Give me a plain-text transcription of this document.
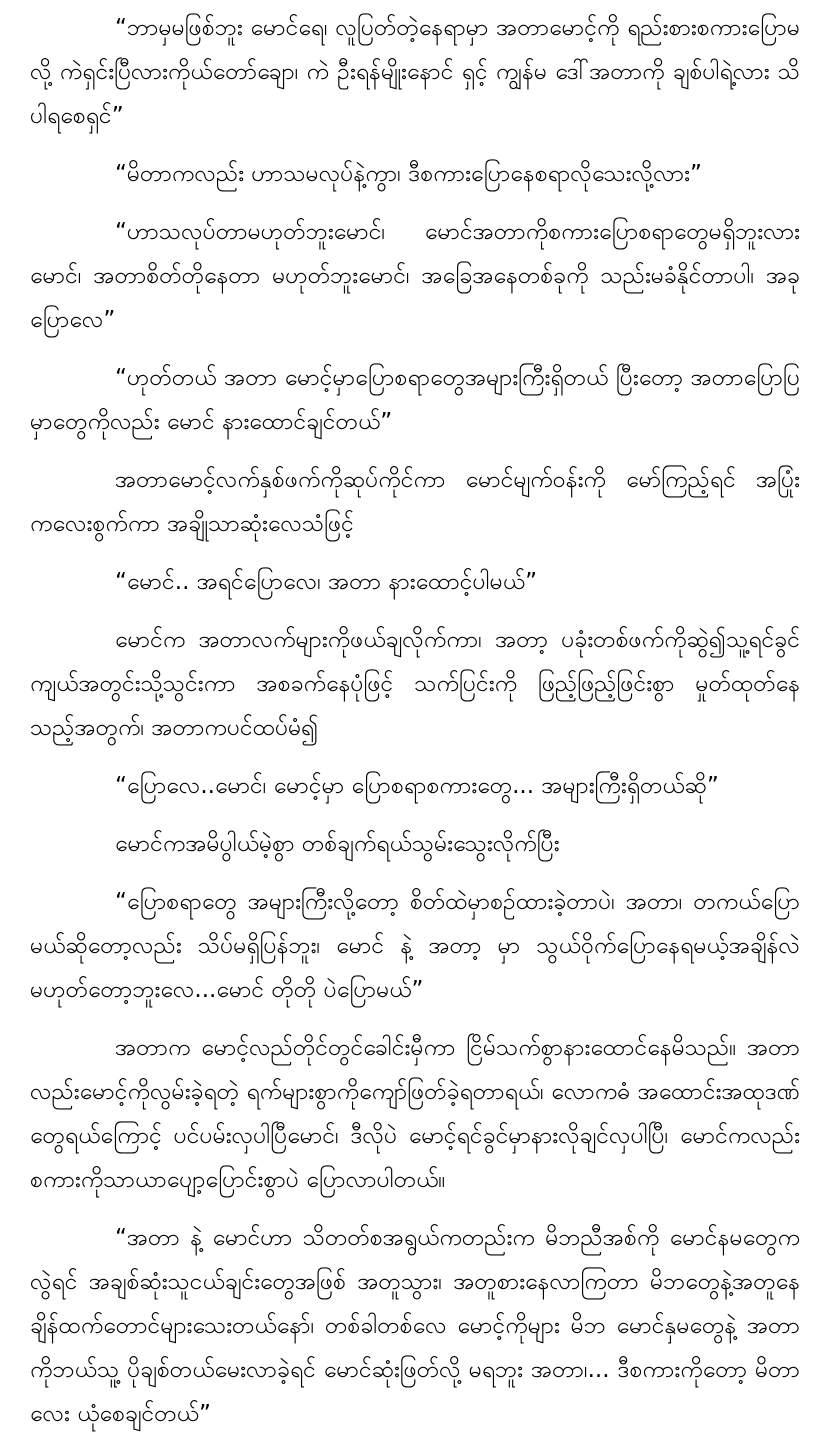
“ဘာမှမဖြစ်ဘူး မောင်ရေ၊ လူပြတ်တဲ့နေရာမှာ အတာမောင့်ကို ရည်းစားစကားပြောမလို့ ကဲရှင်းပြီလားကိုယ်တော်ချော၊ ကဲ ဦးရန်မျိုးနောင် ရှင့် ကျွန်မ ဒေါ်အတာကို ချစ်ပါရဲ့လား သိပါရစေရှင်”

“မိတာကလည်း ဟာသမလုပ်နဲ့ကွာ၊ ဒီစကားပြောနေစရာလိုသေးလို့လား”

“ဟာသလုပ်တာမဟုတ်ဘူးမောင်၊ မောင်အတာကိုစကားပြောစရာတွေမရှိဘူးလားမောင်၊ အတာစိတ်တိုနေတာ မဟုတ်ဘူးမောင်၊ အခြေအနေတစ်ခုကို သည်းမခံနိုင်တာပါ၊ အခုပြောလေ”

“ဟုတ်တယ် အတာ မောင့်မှာပြောစရာတွေအများကြီးရှိတယ် ပြီးတော့ အတာပြောပြမှာတွေကိုလည်း မောင် နားထောင်ချင်တယ်”

အတာမောင့်လက်နှစ်ဖက်ကိုဆုပ်ကိုင်ကာ မောင်မျက်ဝန်းကို မော်ကြည့်ရင် အပြုံးကလေးစွက်ကာ အချိုသာဆုံးလေသံဖြင့်

“မောင်.. အရင်ပြောလေ၊ အတာ နားထောင့်ပါမယ်”

မောင်က အတာလက်များကိုဖယ်ချလိုက်ကာ၊ အတာ့ ပခုံးတစ်ဖက်ကိုဆွဲ၍သူ့ရင်ခွင်ကျယ်အတွင်းသို့သွင်းကာ အစခက်နေပုံဖြင့် သက်ပြင်းကို ဖြည့်ဖြည့်ဖြင်းစွာ မှုတ်ထုတ်နေသည့်အတွက်၊ အတာကပင်ထပ်မံ၍

“ပြောလေ..မောင်၊ မောင့်မှာ ပြောစရာစကားတွေ... အများကြီးရှိတယ်ဆို”

မောင်ကအမိပွါယ်မဲ့စွာ တစ်ချက်ရယ်သွမ်းသွေးလိုက်ပြီး

“ပြောစရာတွေ အများကြီးလို့တော့ စိတ်ထဲမှာစဉ်ထားခဲ့တာပဲ၊ အတာ၊ တကယ်ပြောမယ်ဆိုတော့လည်း သိပ်မရှိပြန်ဘူး၊ မောင် နဲ့ အတာ့ မှာ သွယ်ဝိုက်ပြောနေရမယ့်အချိန်လဲမဟုတ်တော့ဘူးလေ...မောင် တိုတို ပဲပြောမယ်”

အတာက မောင့်လည်တိုင်တွင်ခေါင်းမှီကာ ငြိမ်သက်စွာနားထောင်နေမိသည်။ အတာလည်းမောင့်ကိုလွမ်းခဲ့ရတဲ့ ရက်များစွာကိုကျော်ဖြတ်ခဲ့ရတာရယ်၊ လောကဓံ အထောင်းအထုဒဏ်တွေရယ်ကြောင့် ပင်ပမ်းလှပါပြီမောင်၊ ဒီလိုပဲ မောင့်ရင်ခွင်မှာနားလိုချင်လှပါပြီ၊ မောင်ကလည်း စကားကိုသာယာပျော့ပြောင်းစွာပဲ ပြောလာပါတယ်။

“အတာ နဲ့ မောင်ဟာ သိတတ်စအရွယ်ကတည်းက မိဘညီအစ်ကို မောင်နမတွေကလွဲရင် အချစ်ဆုံးသူငယ်ချင်းတွေအဖြစ် အတူသွား၊ အတူစားနေလာကြတာ မိဘတွေနဲ့အတူနေချိန်ထက်တောင်များသေးတယ်နော်၊ တစ်ခါတစ်လေ မောင့်ကိုများ မိဘ မောင်နှမတွေနဲ့ အတာကိုဘယ်သူ့ ပိုချစ်တယ်မေးလာခဲ့ရင် မောင်ဆုံးဖြတ်လို့ မရဘူး အတာ၊... ဒီစကားကိုတော့ မိတာလေး ယုံစေချင်တယ်”
